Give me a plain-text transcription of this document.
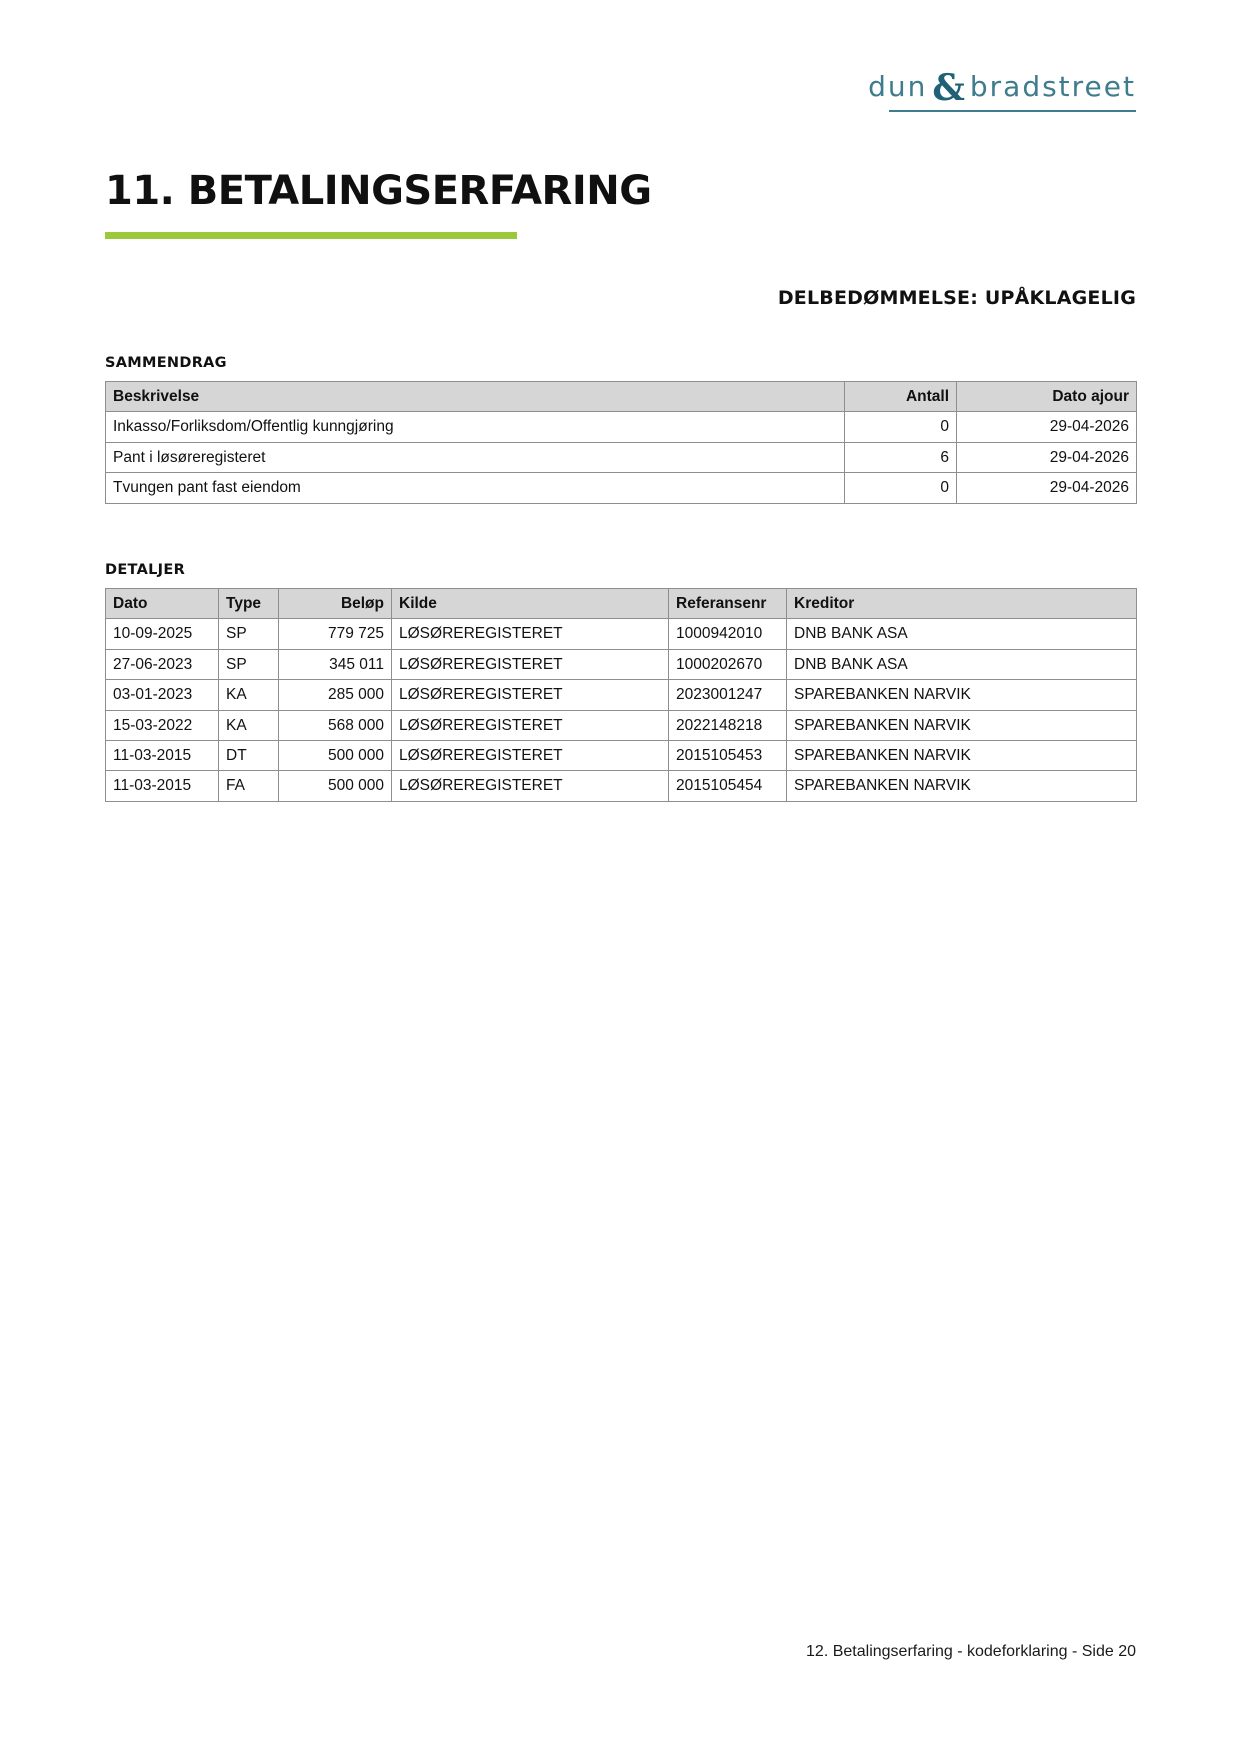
dun & bradstreet
11. BETALINGSERFARING
DELBEDØMMELSE: UPÅKLAGELIG
SAMMENDRAG
Beskrivelse	Antall	Dato ajour
Inkasso/Forliksdom/Offentlig kunngjøring	0	29-04-2026
Pant i løsøreregisteret	6	29-04-2026
Tvungen pant fast eiendom	0	29-04-2026
DETALJER
Dato	Type	Beløp	Kilde	Referansenr	Kreditor
10-09-2025	SP	779 725	LØSØREREGISTERET	1000942010	DNB BANK ASA
27-06-2023	SP	345 011	LØSØREREGISTERET	1000202670	DNB BANK ASA
03-01-2023	KA	285 000	LØSØREREGISTERET	2023001247	SPAREBANKEN NARVIK
15-03-2022	KA	568 000	LØSØREREGISTERET	2022148218	SPAREBANKEN NARVIK
11-03-2015	DT	500 000	LØSØREREGISTERET	2015105453	SPAREBANKEN NARVIK
11-03-2015	FA	500 000	LØSØREREGISTERET	2015105454	SPAREBANKEN NARVIK
12. Betalingserfaring - kodeforklaring - Side 20
